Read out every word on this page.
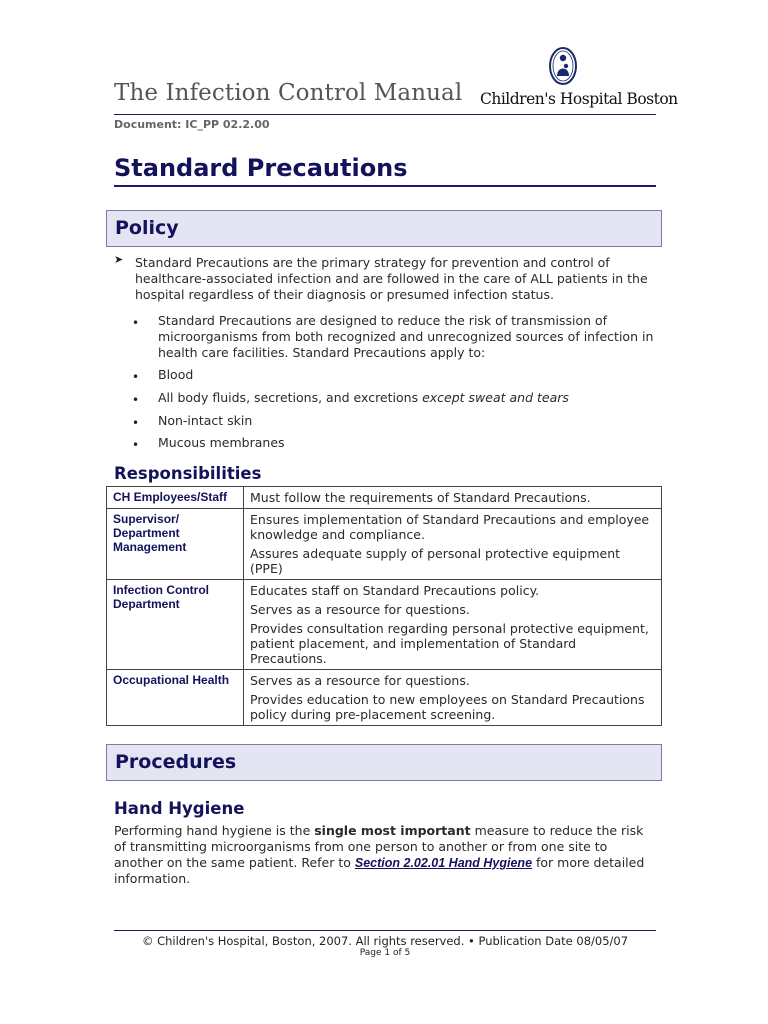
The Infection Control Manual Children's Hospital Boston
Document: IC_PP 02.2.00
Standard Precautions
Policy
➤ Standard Precautions are the primary strategy for prevention and control of healthcare-associated infection and are followed in the care of ALL patients in the hospital regardless of their diagnosis or presumed infection status.
• Standard Precautions are designed to reduce the risk of transmission of microorganisms from both recognized and unrecognized sources of infection in health care facilities. Standard Precautions apply to:
• Blood
• All body fluids, secretions, and excretions except sweat and tears
• Non-intact skin
• Mucous membranes
Responsibilities
CH Employees/Staff	Must follow the requirements of Standard Precautions.

Supervisor/ Department Management	Ensures implementation of Standard Precautions and employee knowledge and compliance.
Assures adequate supply of personal protective equipment (PPE)

Infection Control Department	Educates staff on Standard Precautions policy.
Serves as a resource for questions.
Provides consultation regarding personal protective equipment, patient placement, and implementation of Standard Precautions.

Occupational Health	Serves as a resource for questions.
Provides education to new employees on Standard Precautions policy during pre-placement screening.
Procedures
Hand Hygiene
Performing hand hygiene is the single most important measure to reduce the risk of transmitting microorganisms from one person to another or from one site to another on the same patient. Refer to Section 2.02.01 Hand Hygiene for more detailed information.
© Children's Hospital, Boston, 2007. All rights reserved. • Publication Date 08/05/07
Page 1 of 5
